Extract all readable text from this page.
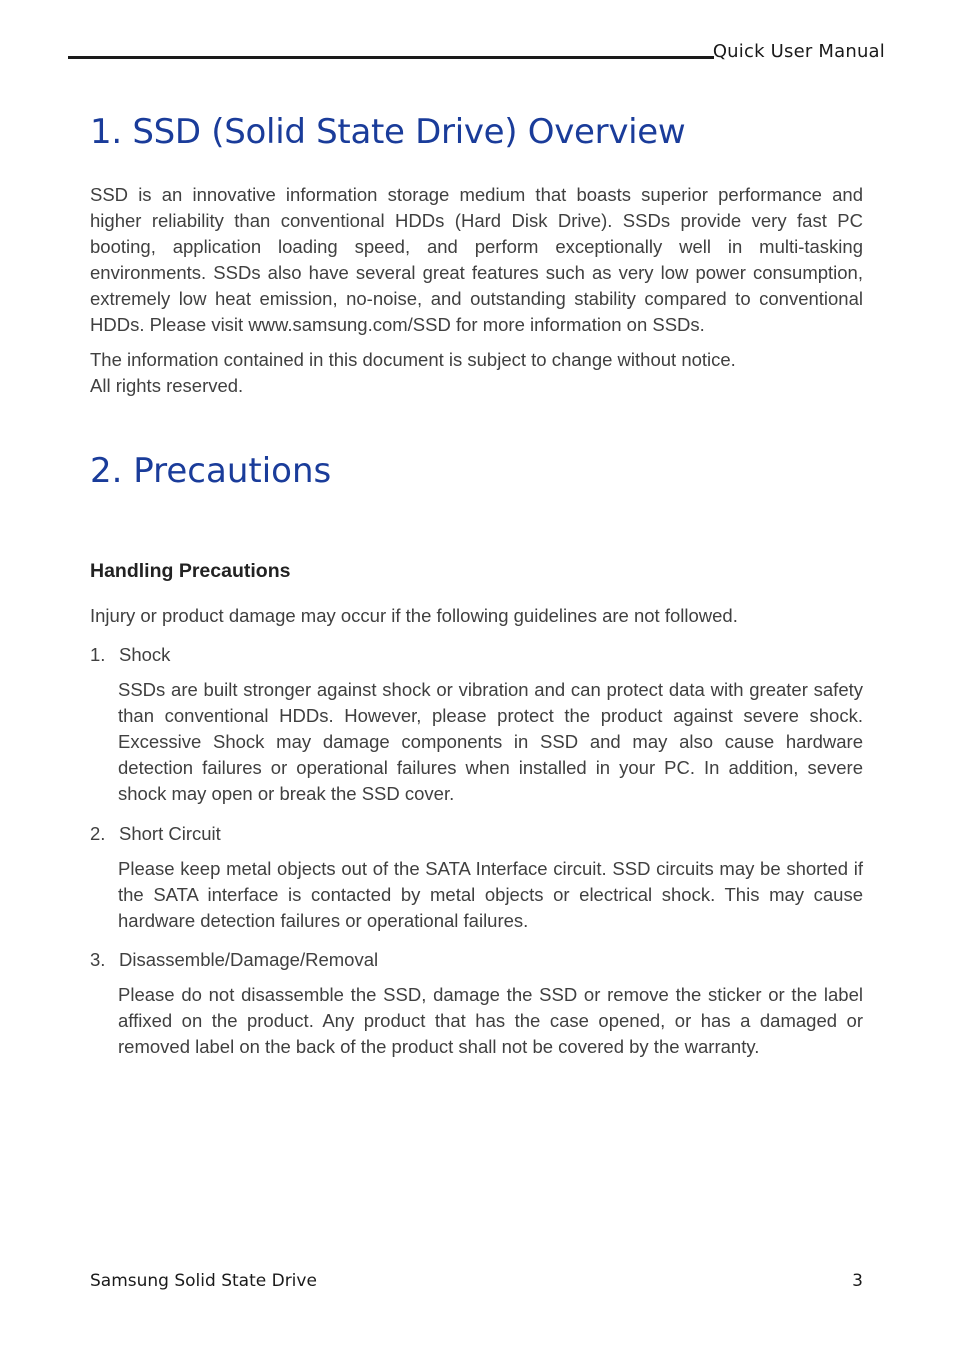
Quick User Manual
1. SSD (Solid State Drive) Overview
SSD is an innovative information storage medium that boasts superior performance and higher reliability than conventional HDDs (Hard Disk Drive). SSDs provide very fast PC booting, application loading speed, and perform exceptionally well in multi-tasking environments. SSDs also have several great features such as very low power consumption, extremely low heat emission, no-noise, and outstanding stability compared to conventional HDDs. Please visit www.samsung.com/SSD for more information on SSDs.
The information contained in this document is subject to change without notice.
All rights reserved.
2. Precautions
Handling Precautions
Injury or product damage may occur if the following guidelines are not followed.
1. Shock
SSDs are built stronger against shock or vibration and can protect data with greater safety than conventional HDDs. However, please protect the product against severe shock. Excessive Shock may damage components in SSD and may also cause hardware detection failures or operational failures when installed in your PC. In addition, severe shock may open or break the SSD cover.
2. Short Circuit
Please keep metal objects out of the SATA Interface circuit. SSD circuits may be shorted if the SATA interface is contacted by metal objects or electrical shock. This may cause hardware detection failures or operational failures.
3. Disassemble/Damage/Removal
Please do not disassemble the SSD, damage the SSD or remove the sticker or the label affixed on the product. Any product that has the case opened, or has a damaged or removed label on the back of the product shall not be covered by the warranty.
Samsung Solid State Drive	3
